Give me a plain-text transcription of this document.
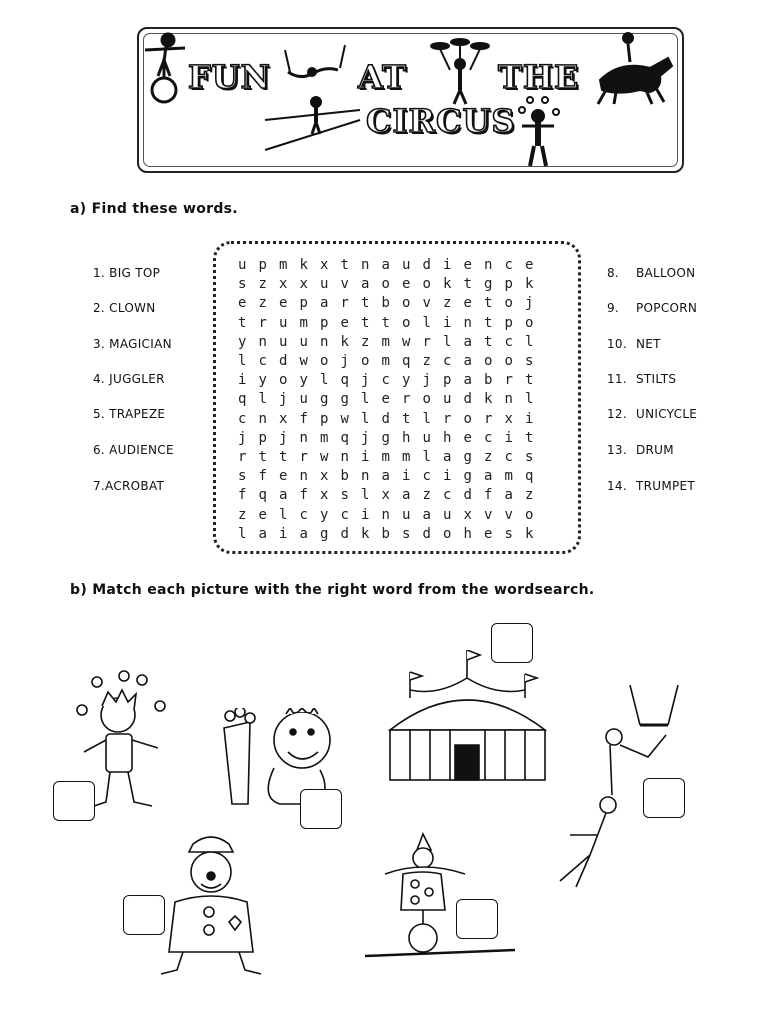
FUN	AT	THE
CIRCUS
a) Find these words.
1. BIG TOP
2. CLOWN
3. MAGICIAN
4. JUGGLER
5. TRAPEZE
6. AUDIENCE
7.ACROBAT
8. BALLOON
9. POPCORN
10. NET
11. STILTS
12. UNICYCLE
13. DRUM
14. TRUMPET
u p m k x t n a u d i e n c e
s z x x u v a o e o k t g p k
e z e p a r t b o v z e t o j
t r u m p e t t o l i n t p o
y n u u n k z m w r l a t c l
l c d w o j o m q z c a o o s
i y o y l q j c y j p a b r t
q l j u g g l e r o u d k n l
c n x f p w l d t l r o r x i
j p j n m q j g h u h e c i t
r t t r w n i m m l a g z c s
s f e n x b n a i c i g a m q
f q a f x s l x a z c d f a z
z e l c y c i n u a u x v v o
l a i a g d k b s d o h e s k
b) Match each picture with the right word from the wordsearch.
